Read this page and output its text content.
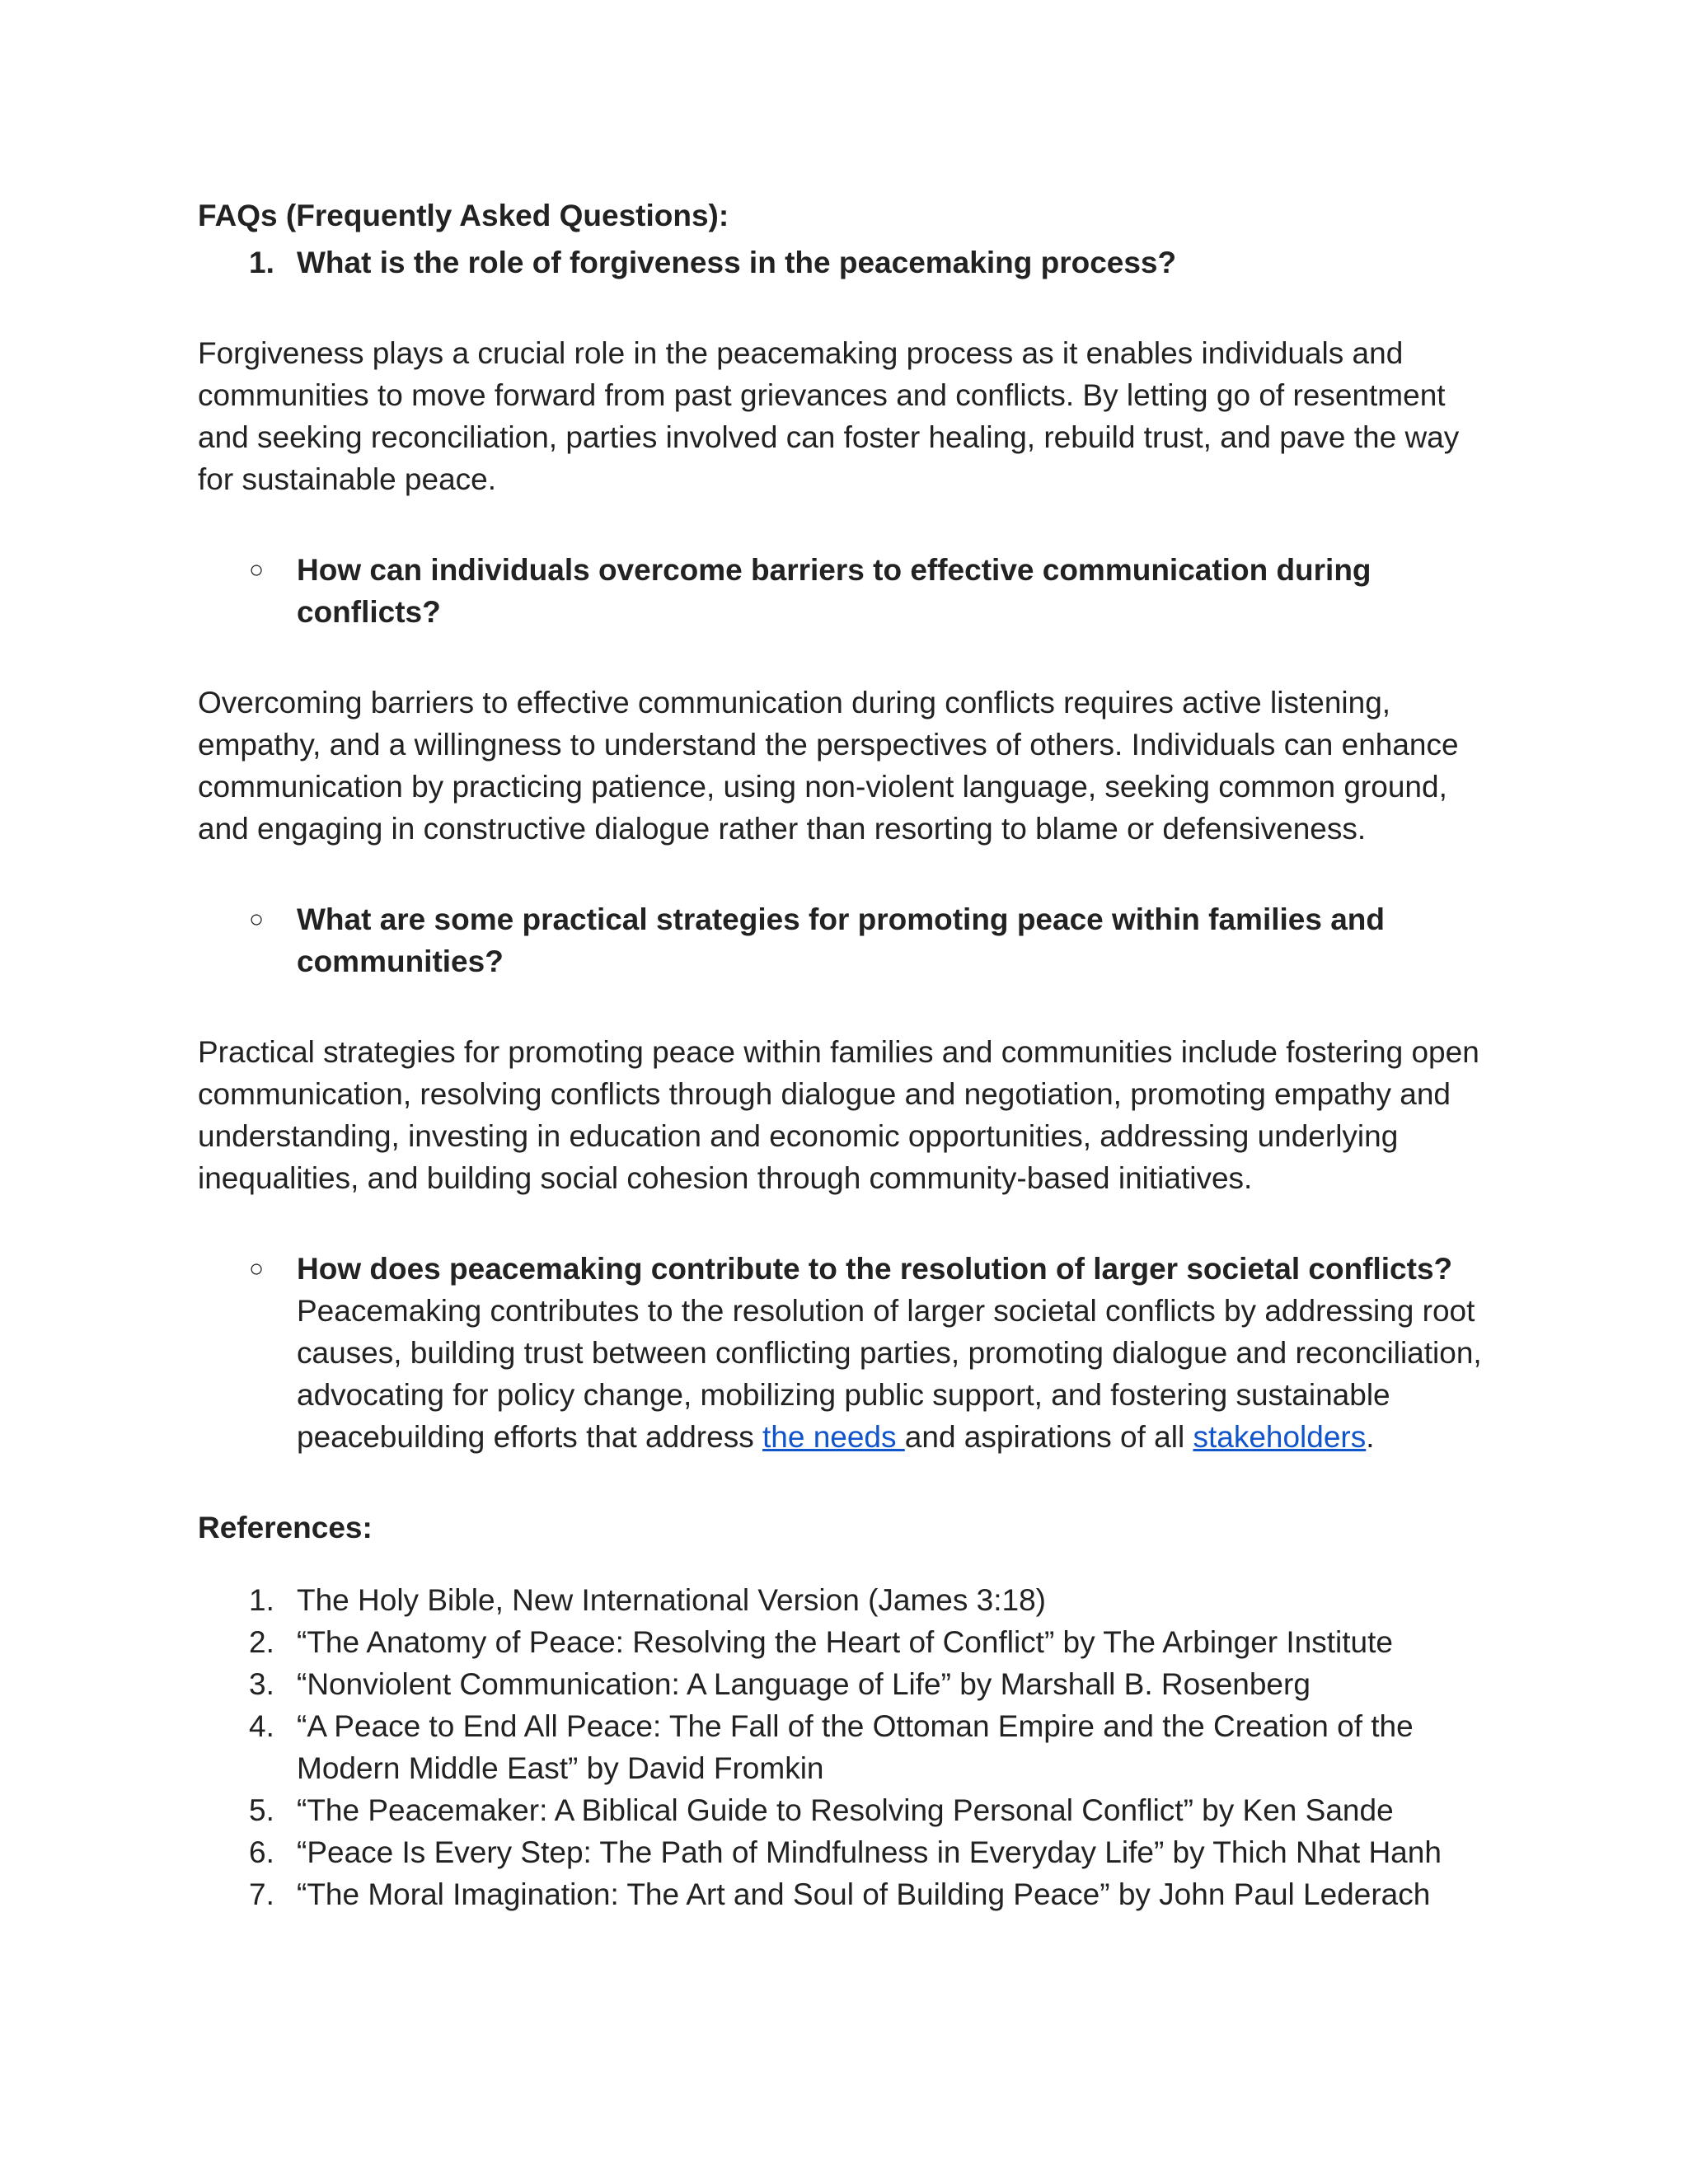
FAQs (Frequently Asked Questions):

1. What is the role of forgiveness in the peacemaking process?

Forgiveness plays a crucial role in the peacemaking process as it enables individuals and communities to move forward from past grievances and conflicts. By letting go of resentment and seeking reconciliation, parties involved can foster healing, rebuild trust, and pave the way for sustainable peace.

○ How can individuals overcome barriers to effective communication during conflicts?

Overcoming barriers to effective communication during conflicts requires active listening, empathy, and a willingness to understand the perspectives of others. Individuals can enhance communication by practicing patience, using non-violent language, seeking common ground, and engaging in constructive dialogue rather than resorting to blame or defensiveness.

○ What are some practical strategies for promoting peace within families and communities?

Practical strategies for promoting peace within families and communities include fostering open communication, resolving conflicts through dialogue and negotiation, promoting empathy and understanding, investing in education and economic opportunities, addressing underlying inequalities, and building social cohesion through community-based initiatives.

○ How does peacemaking contribute to the resolution of larger societal conflicts? Peacemaking contributes to the resolution of larger societal conflicts by addressing root causes, building trust between conflicting parties, promoting dialogue and reconciliation, advocating for policy change, mobilizing public support, and fostering sustainable peacebuilding efforts that address the needs and aspirations of all stakeholders.

References:

1. The Holy Bible, New International Version (James 3:18)
2. “The Anatomy of Peace: Resolving the Heart of Conflict” by The Arbinger Institute
3. “Nonviolent Communication: A Language of Life” by Marshall B. Rosenberg
4. “A Peace to End All Peace: The Fall of the Ottoman Empire and the Creation of the Modern Middle East” by David Fromkin
5. “The Peacemaker: A Biblical Guide to Resolving Personal Conflict” by Ken Sande
6. “Peace Is Every Step: The Path of Mindfulness in Everyday Life” by Thich Nhat Hanh
7. “The Moral Imagination: The Art and Soul of Building Peace” by John Paul Lederach
